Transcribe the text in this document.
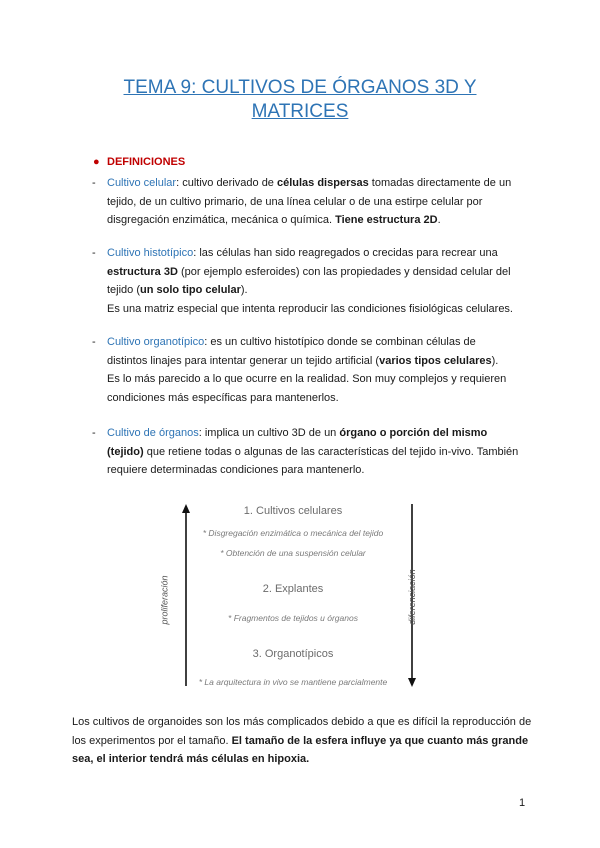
TEMA 9: CULTIVOS DE ÓRGANOS 3D Y
MATRICES
● DEFINICIONES
- Cultivo celular: cultivo derivado de células dispersas tomadas directamente de un
tejido, de un cultivo primario, de una línea celular o de una estirpe celular por
disgregación enzimática, mecánica o química. Tiene estructura 2D.
- Cultivo histotípico: las células han sido reagregados o crecidas para recrear una
estructura 3D (por ejemplo esferoides) con las propiedades y densidad celular del
tejido (un solo tipo celular).
Es una matriz especial que intenta reproducir las condiciones fisiológicas celulares.
- Cultivo organotípico: es un cultivo histotípico donde se combinan células de
distintos linajes para intentar generar un tejido artificial (varios tipos celulares).
Es lo más parecido a lo que ocurre en la realidad. Son muy complejos y requieren
condiciones más específicas para mantenerlos.
- Cultivo de órganos: implica un cultivo 3D de un órgano o porción del mismo
(tejido) que retiene todas o algunas de las características del tejido in-vivo. También
requiere determinadas condiciones para mantenerlo.
proliferación	diferenciación
1. Cultivos celulares
* Disgregación enzimática o mecánica del tejido
* Obtención de una suspensión celular
2. Explantes
* Fragmentos de tejidos u órganos
3. Organotípicos
* La arquitectura in vivo se mantiene parcialmente
Los cultivos de organoides son los más complicados debido a que es difícil la reproducción de los experimentos por el tamaño. El tamaño de la esfera influye ya que cuanto más grande sea, el interior tendrá más células en hipoxia.
1
